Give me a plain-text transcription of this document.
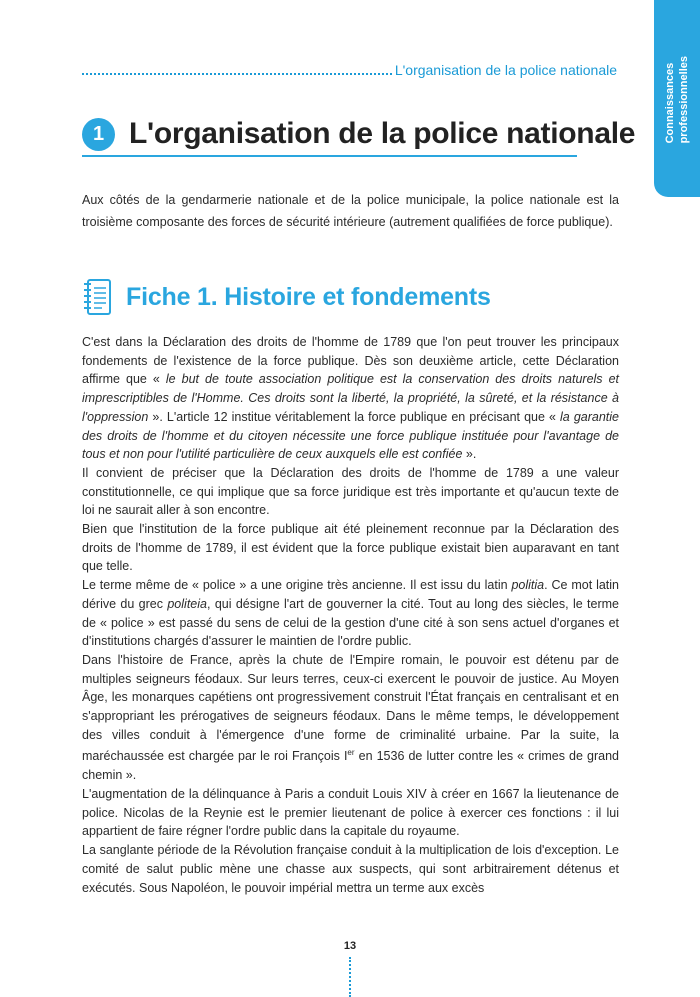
L'organisation de la police nationale	Connaissances
professionnelles
1 L'organisation de la police nationale

Aux côtés de la gendarmerie nationale et de la police municipale, la police nationale est la troisième composante des forces de sécurité intérieure (autrement qualifiées de force publique).

Fiche 1. Histoire et fondements

C'est dans la Déclaration des droits de l'homme de 1789 que l'on peut trouver les principaux fondements de l'existence de la force publique. Dès son deuxième article, cette Déclaration affirme que « le but de toute association politique est la conservation des droits naturels et imprescriptibles de l'Homme. Ces droits sont la liberté, la propriété, la sûreté, et la résistance à l'oppression ». L'article 12 institue véritablement la force publique en précisant que « la garantie des droits de l'homme et du citoyen nécessite une force publique instituée pour l'avantage de tous et non pour l'utilité particulière de ceux auxquels elle est confiée ».

Il convient de préciser que la Déclaration des droits de l'homme de 1789 a une valeur constitutionnelle, ce qui implique que sa force juridique est très importante et qu'aucun texte de loi ne saurait aller à son encontre.

Bien que l'institution de la force publique ait été pleinement reconnue par la Déclaration des droits de l'homme de 1789, il est évident que la force publique existait bien auparavant en tant que telle.

Le terme même de « police » a une origine très ancienne. Il est issu du latin politia. Ce mot latin dérive du grec politeia, qui désigne l'art de gouverner la cité. Tout au long des siècles, le terme de « police » est passé du sens de celui de la gestion d'une cité à son sens actuel d'organes et d'institutions chargés d'assurer le maintien de l'ordre public.

Dans l'histoire de France, après la chute de l'Empire romain, le pouvoir est détenu par de multiples seigneurs féodaux. Sur leurs terres, ceux-ci exercent le pouvoir de justice. Au Moyen Âge, les monarques capétiens ont progressivement construit l'État français en centralisant et en s'appropriant les prérogatives de seigneurs féodaux. Dans le même temps, le développement des villes conduit à l'émergence d'une forme de criminalité urbaine. Par la suite, la maréchaussée est chargée par le roi François Ier en 1536 de lutter contre les « crimes de grand chemin ».

L'augmentation de la délinquance à Paris a conduit Louis XIV à créer en 1667 la lieutenance de police. Nicolas de la Reynie est le premier lieutenant de police à exercer ces fonctions : il lui appartient de faire régner l'ordre public dans la capitale du royaume.

La sanglante période de la Révolution française conduit à la multiplication de lois d'exception. Le comité de salut public mène une chasse aux suspects, qui sont arbitrairement détenus et exécutés. Sous Napoléon, le pouvoir impérial mettra un terme aux excès

13
